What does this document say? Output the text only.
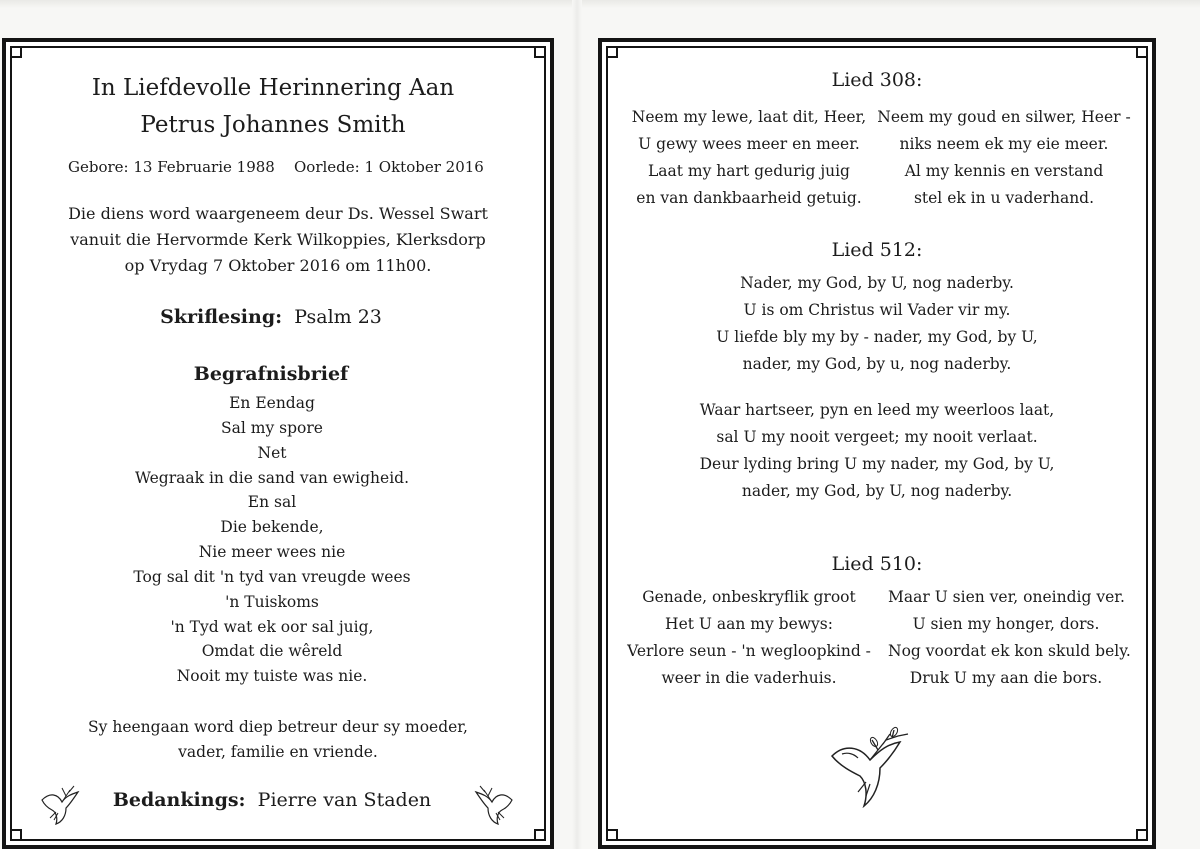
In Liefdevolle Herinnering Aan
Petrus Johannes Smith
Gebore: 13 Februarie 1988 Oorlede: 1 Oktober 2016
Die diens word waargeneem deur Ds. Wessel Swart
vanuit die Hervormde Kerk Wilkoppies, Klerksdorp
op Vrydag 7 Oktober 2016 om 11h00.
Skriflesing: Psalm 23
Begrafnisbrief
En Eendag
Sal my spore
Net
Wegraak in die sand van ewigheid.
En sal
Die bekende,
Nie meer wees nie
Tog sal dit 'n tyd van vreugde wees
'n Tuiskoms
'n Tyd wat ek oor sal juig,
Omdat die wêreld
Nooit my tuiste was nie.
Sy heengaan word diep betreur deur sy moeder,
vader, familie en vriende.
Bedankings: Pierre van Staden
Lied 308:
Neem my lewe, laat dit, Heer,
U gewy wees meer en meer.
Laat my hart gedurig juig
en van dankbaarheid getuig.
Neem my goud en silwer, Heer -
niks neem ek my eie meer.
Al my kennis en verstand
stel ek in u vaderhand.
Lied 512:
Nader, my God, by U, nog naderby.
U is om Christus wil Vader vir my.
U liefde bly my by - nader, my God, by U,
nader, my God, by u, nog naderby.
Waar hartseer, pyn en leed my weerloos laat,
sal U my nooit vergeet; my nooit verlaat.
Deur lyding bring U my nader, my God, by U,
nader, my God, by U, nog naderby.
Lied 510:
Genade, onbeskryflik groot
Het U aan my bewys:
Verlore seun - 'n wegloopkind -
weer in die vaderhuis.
Maar U sien ver, oneindig ver.
U sien my honger, dors.
Nog voordat ek kon skuld bely.
Druk U my aan die bors.
